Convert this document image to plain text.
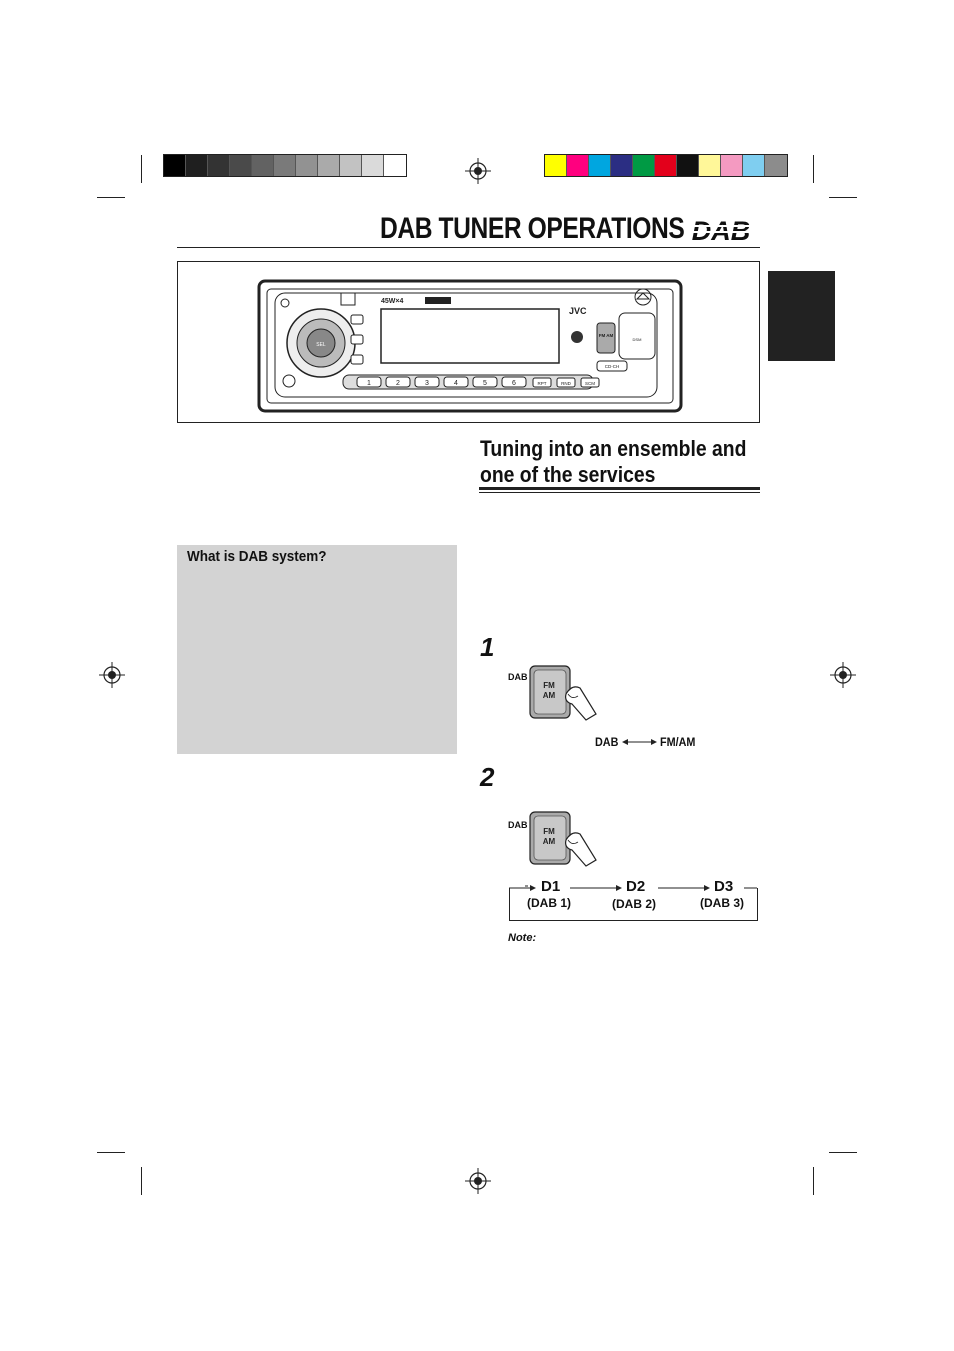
DAB TUNER OPERATIONS DAB
SEL
45W×4
JVC
FM AM
DSM
CD-CH
1	2	3	4	5	6	RPT	RND	SCM
Tuning into an ensemble and
one of the services
What is DAB system?
1
DAB
FM
AM
DAB	FM/AM
2
DAB
FM
AM
D1
(DAB 1)
D2
(DAB 2)
D3
(DAB 3)
Note:
